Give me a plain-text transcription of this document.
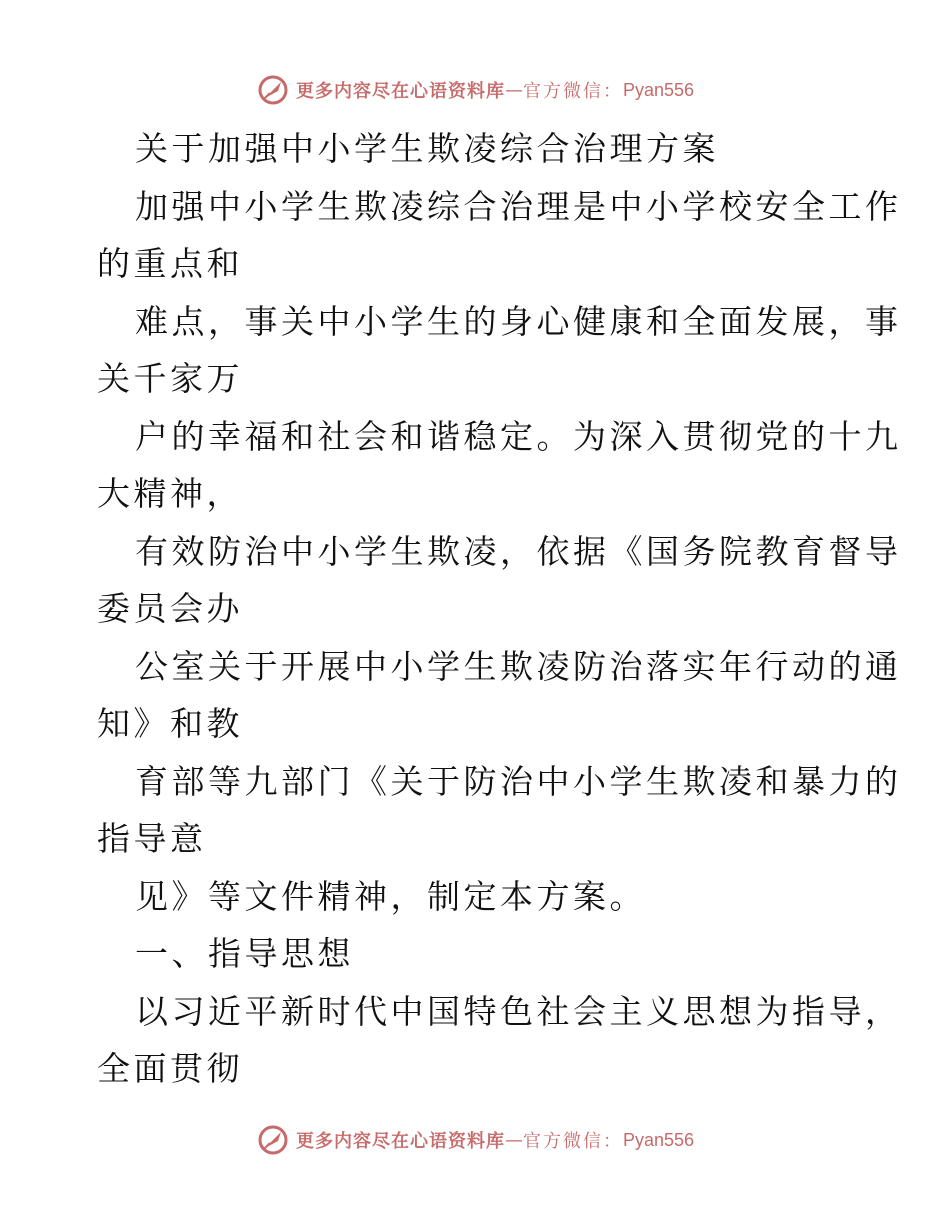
更多内容尽在心语资料库 — 官方微信： Pyan556
关于加强中小学生欺凌综合治理方案
加强中小学生欺凌综合治理是中小学校安全工作
的重点和
难点，事关中小学生的身心健康和全面发展，事
关千家万
户的幸福和社会和谐稳定。为深入贯彻党的十九
大精神，
有效防治中小学生欺凌，依据《国务院教育督导
委员会办
公室关于开展中小学生欺凌防治落实年行动的通
知》和教
育部等九部门《关于防治中小学生欺凌和暴力的
指导意
见》等文件精神，制定本方案。
一、指导思想
以习近平新时代中国特色社会主义思想为指导，
全面贯彻
更多内容尽在心语资料库 — 官方微信： Pyan556
